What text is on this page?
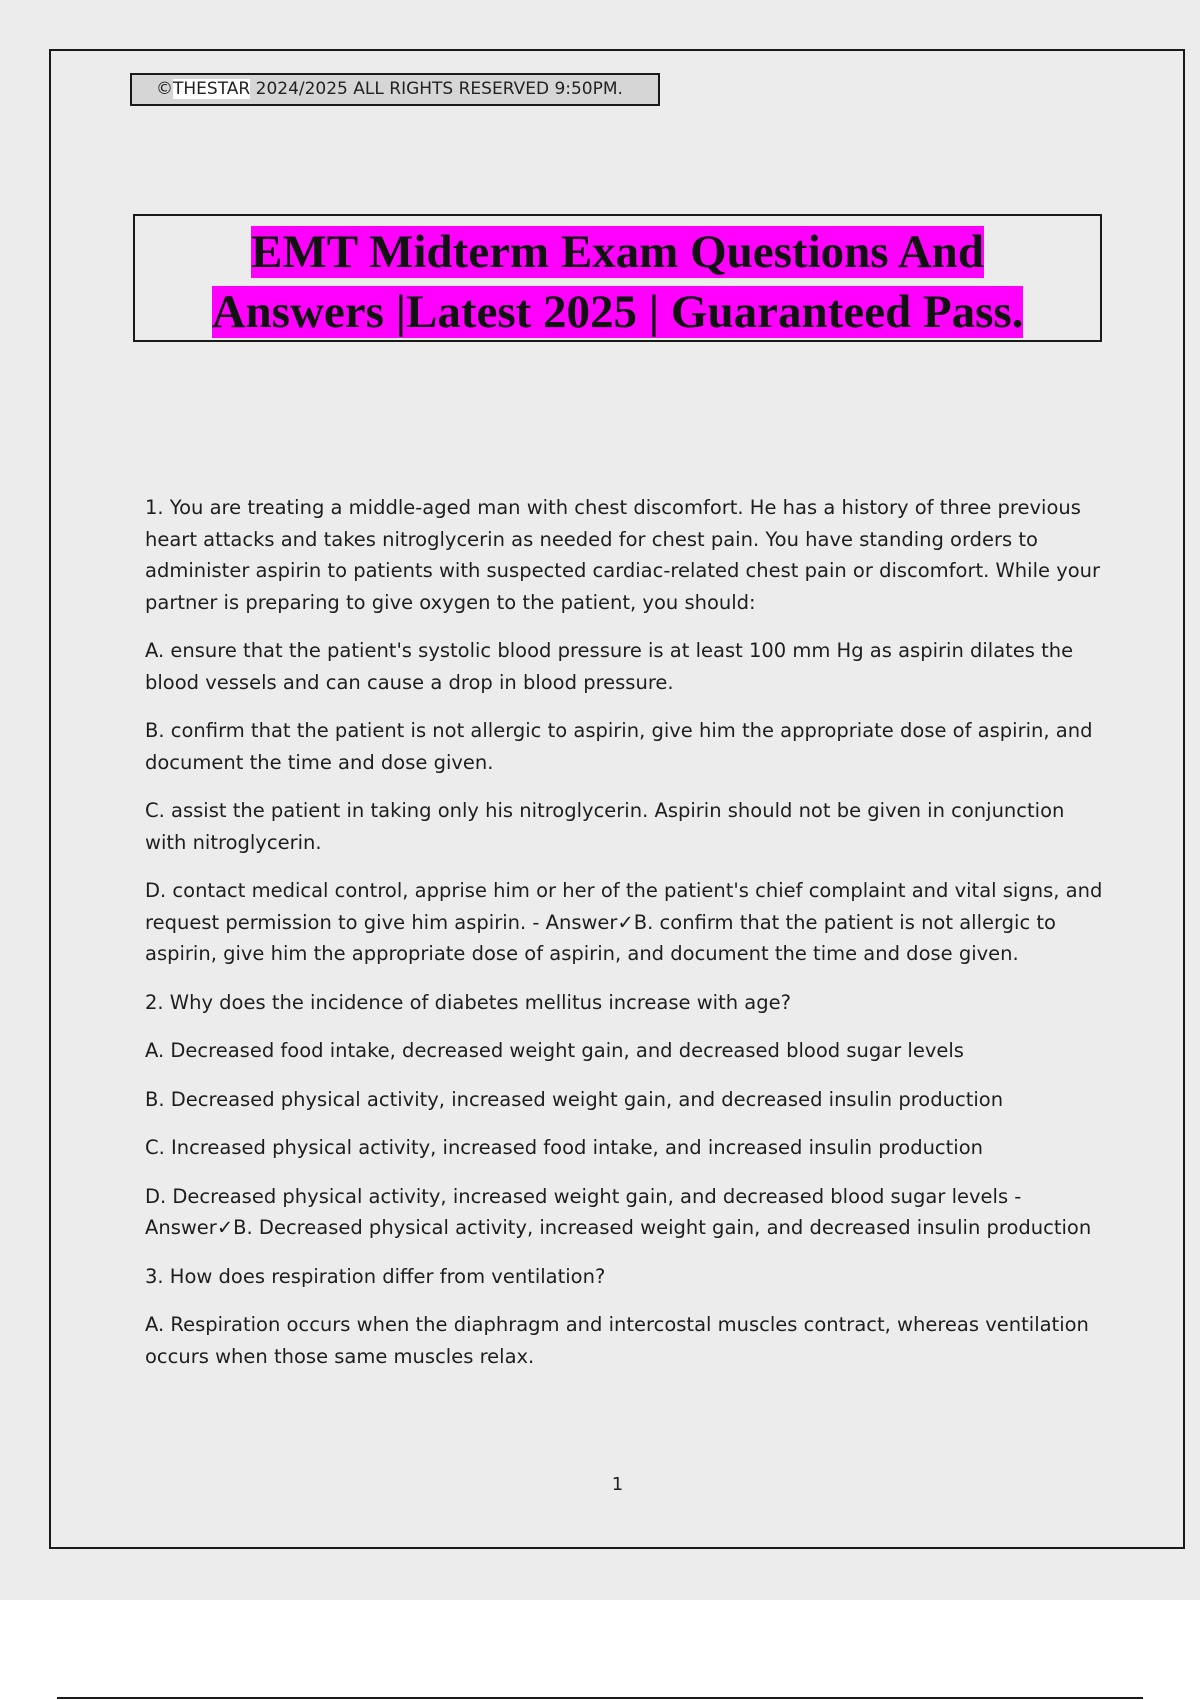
©THESTAR 2024/2025 ALL RIGHTS RESERVED 9:50PM.
EMT Midterm Exam Questions And
Answers |Latest 2025 | Guaranteed Pass.

1. You are treating a middle-aged man with chest discomfort. He has a history of three previous heart attacks and takes nitroglycerin as needed for chest pain. You have standing orders to administer aspirin to patients with suspected cardiac-related chest pain or discomfort. While your partner is preparing to give oxygen to the patient, you should:

A. ensure that the patient's systolic blood pressure is at least 100 mm Hg as aspirin dilates the blood vessels and can cause a drop in blood pressure.

B. confirm that the patient is not allergic to aspirin, give him the appropriate dose of aspirin, and document the time and dose given.

C. assist the patient in taking only his nitroglycerin. Aspirin should not be given in conjunction with nitroglycerin.

D. contact medical control, apprise him or her of the patient's chief complaint and vital signs, and request permission to give him aspirin. - Answer✓B. confirm that the patient is not allergic to aspirin, give him the appropriate dose of aspirin, and document the time and dose given.

2. Why does the incidence of diabetes mellitus increase with age?

A. Decreased food intake, decreased weight gain, and decreased blood sugar levels

B. Decreased physical activity, increased weight gain, and decreased insulin production

C. Increased physical activity, increased food intake, and increased insulin production

D. Decreased physical activity, increased weight gain, and decreased blood sugar levels - Answer✓B. Decreased physical activity, increased weight gain, and decreased insulin production

3. How does respiration differ from ventilation?

A. Respiration occurs when the diaphragm and intercostal muscles contract, whereas ventilation occurs when those same muscles relax.

1
